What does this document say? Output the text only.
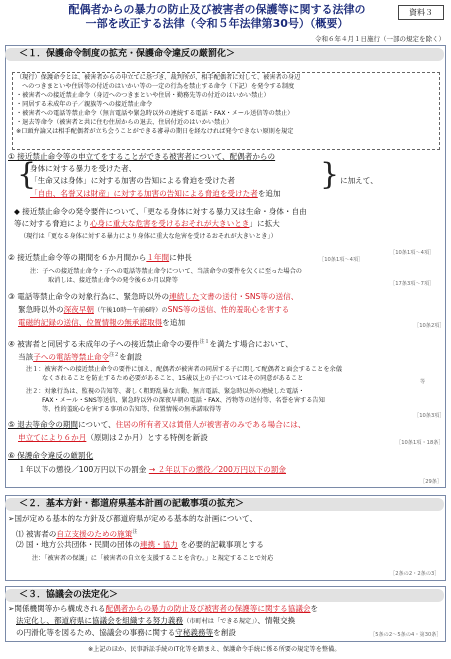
配偶者からの暴力の防止及び被害者の保護等に関する法律の
一部を改正する法律（令和５年法律第30号）（概要）
資料３
令和６年４月１日施行（一部の規定を除く）
＜１．保護命令制度の拡充・保護命令違反の厳罰化＞
（現行）保護命令とは、被害者からの申立てに基づき、裁判所が、相手配偶者に対して、被害者の身辺
へのつきまといや住居等の付近のはいかい等の一定の行為を禁止する命令（下記）を発令する制度
・被害者への接近禁止命令（身辺へのつきまといや住居・勤務先等の付近のはいかい禁止）
・同居する未成年の子／親族等への接近禁止命令
・被害者への電話等禁止命令（無言電話や緊急時以外の連続する電話・FAX・メール送信等の禁止）
・退去等命令（被害者と共に住む住居からの退去、住居付近のはいかい禁止）
※口頭弁論又は相手配偶者が立ち会うことができる審尋の期日を経なければ発令できない原則を規定
① 接近禁止命令等の申立てをすることができる被害者について、配偶者からの
{
身体に対する暴力を受けた者、
「生命又は身体」に対する加害の告知による脅迫を受けた者	} に加えて、
「自由、名誉又は財産」に対する加害の告知による脅迫を受けた者を追加
◆ 接近禁止命令の発令要件について、「更なる身体に対する暴力又は生命・身体・自由
等に対する脅迫により心身に重大な危害を受けるおそれが大きいとき」に拡大
（現行は「更なる身体に対する暴力により身体に重大な危害を受けるおそれが大きいとき」）
［10条1項～4項］
② 接近禁止命令等の期間を６か月間から１年間に伸長	［10条1項～4項］
注：子への接近禁止命令・子への電話等禁止命令について、当該命令の要件を欠くに至った場合の
取消しは、接近禁止命令の発令後６か月以降等	［17条3項～7項］
③ 電話等禁止命令の対象行為に、緊急時以外の連続した文書の送付・SNS等の送信、
緊急時以外の深夜早朝（午後10時～午前6時）のSNS等の送信、性的羞恥心を害する
電磁的記録の送信、位置情報の無承諾取得を追加	［10条2項］
④ 被害者と同居する未成年の子への接近禁止命令の要件$^{注1}$を満たす場合において、
当該子への電話等禁止命令$^{注2}$を創設
注１：被害者への接近禁止命令の要件に加え、配偶者が被害者の同居する子に関して配偶者と面会することを余儀
なくされることを防止するため必要があること、15歳以上の子についてはその同意があること	等
注２：対象行為は、監視の告知等、著しく粗野乱暴な言動、無言電話、緊急時以外の連続した電話・
FAX・メール・SNS等送信、緊急時以外の深夜早朝の電話・FAX、汚物等の送付等、名誉を害する告知
等、性的羞恥心を害する事項の告知等、位置情報の無承諾取得等
［10条3項］
⑤ 退去等命令の期間について、住居の所有者又は賃借人が被害者のみである場合には、
申立てにより６か月（原則は２か月）とする特例を新設
［10条1項・18条］
⑥ 保護命令違反の厳罰化
１年以下の懲役／100万円以下の罰金 → ２年以下の懲役／200万円以下の罰金
［29条］
＜２．基本方針・都道府県基本計画の記載事項の拡充＞
➢国が定める基本的な方針及び都道府県が定める基本的な計画について、
⑴ 被害者の自立支援のための施策$^注$
⑵ 国・地方公共団体・民間の団体の連携・協力 を必要的記載事項とする
注：「被害者の保護」に「被害者の自立を支援することを含む。」と規定することで対応
［2条の2・2条の3］
＜３．協議会の法定化＞
➢関係機関等から構成される配偶者からの暴力の防止及び被害者の保護等に関する協議会を
法定化し、都道府県に協議会を組織する努力義務（市町村は「できる規定」）、情報交換
の円滑化等を図るため、協議会の事務に関する守秘義務等を創設	［5条の2～5条の4・第30条］
※上記のほか、民事訴訟手続のIT化等を踏まえ、保護命令手続に係る所要の規定等を整備。
